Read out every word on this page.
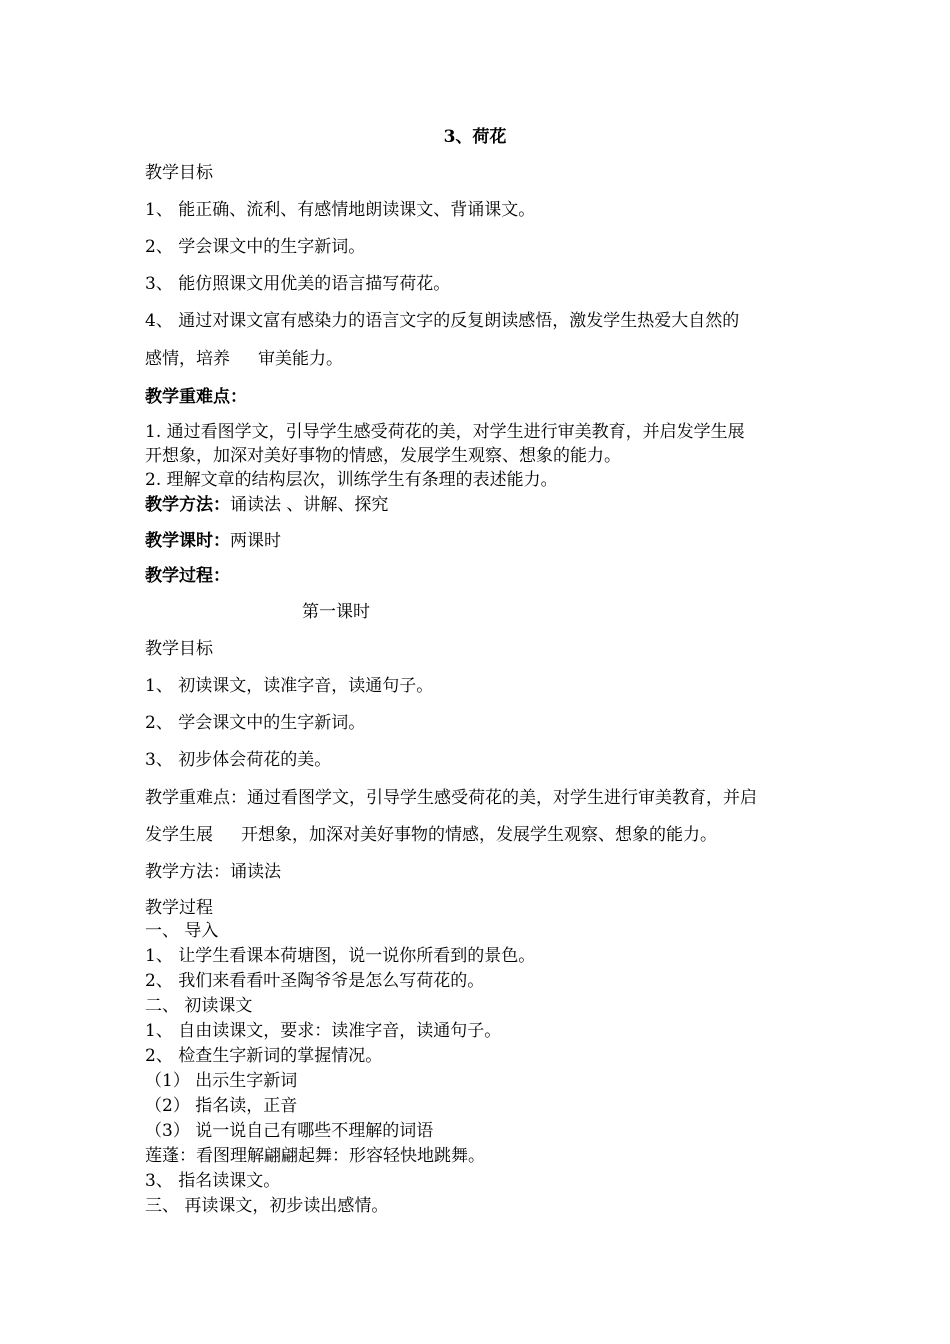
3、荷花
教学目标
1、 能正确、流利、有感情地朗读课文、背诵课文。
2、 学会课文中的生字新词。
3、 能仿照课文用优美的语言描写荷花。
4、 通过对课文富有感染力的语言文字的反复朗读感悟，激发学生热爱大自然的
感情，培养 审美能力。
教学重难点：
1. 通过看图学文，引导学生感受荷花的美，对学生进行审美教育，并启发学生展
开想象，加深对美好事物的情感，发展学生观察、想象的能力。
2. 理解文章的结构层次，训练学生有条理的表述能力。
教学方法：诵读法 、讲解、探究
教学课时：两课时
教学过程：
第一课时
教学目标
1、 初读课文，读准字音，读通句子。
2、 学会课文中的生字新词。
3、 初步体会荷花的美。
教学重难点：通过看图学文，引导学生感受荷花的美，对学生进行审美教育，并启
发学生展 开想象，加深对美好事物的情感，发展学生观察、想象的能力。
教学方法：诵读法
教学过程
一、 导入
1、 让学生看课本荷塘图，说一说你所看到的景色。
2、 我们来看看叶圣陶爷爷是怎么写荷花的。
二、 初读课文
1、 自由读课文，要求：读准字音，读通句子。
2、 检查生字新词的掌握情况。
（1） 出示生字新词
（2） 指名读，正音
（3） 说一说自己有哪些不理解的词语
莲蓬：看图理解翩翩起舞：形容轻快地跳舞。
3、 指名读课文。
三、 再读课文，初步读出感情。
